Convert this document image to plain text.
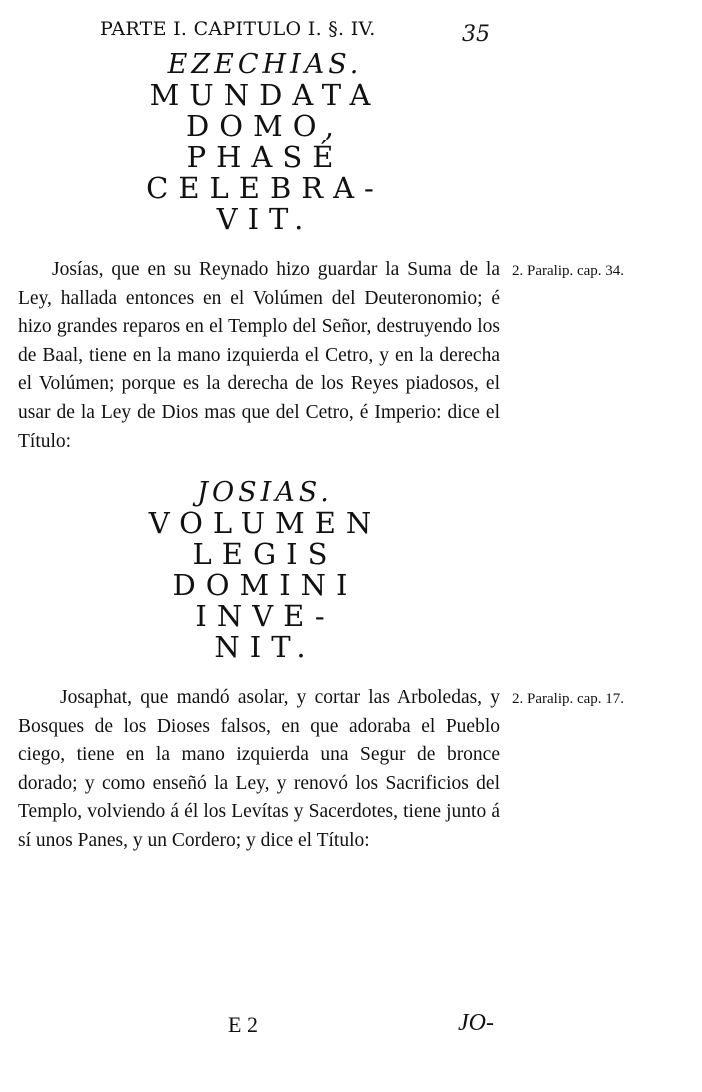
PARTE I. CAPITULO I. §. IV.	35
EZECHIAS.
MUNDATA
DOMO,
PHASÉ
CELEBRA-
VIT.

Josías, que en su Reynado hizo guardar la Suma de la Ley, hallada entonces en el Volúmen del Deuteronomio; é hizo grandes reparos en el Templo del Señor, destruyendo los de Baal, tiene en la mano izquierda el Cetro, y en la derecha el Volúmen; porque es la derecha de los Reyes piadosos, el usar de la Ley de Dios mas que del Cetro, é Imperio: dice el Título:

2. Paralip. cap. 34.
JOSIAS.
VOLUMEN
LEGIS
DOMINI
INVE-
NIT.

Josaphat, que mandó asolar, y cortar las Arboledas, y Bosques de los Dioses falsos, en que adoraba el Pueblo ciego, tiene en la mano izquierda una Segur de bronce dorado; y como enseñó la Ley, y renovó los Sacrificios del Templo, volviendo á él los Levítas y Sacerdotes, tiene junto á sí unos Panes, y un Cordero; y dice el Título:

2. Paralip. cap. 17.
E 2	JO-
